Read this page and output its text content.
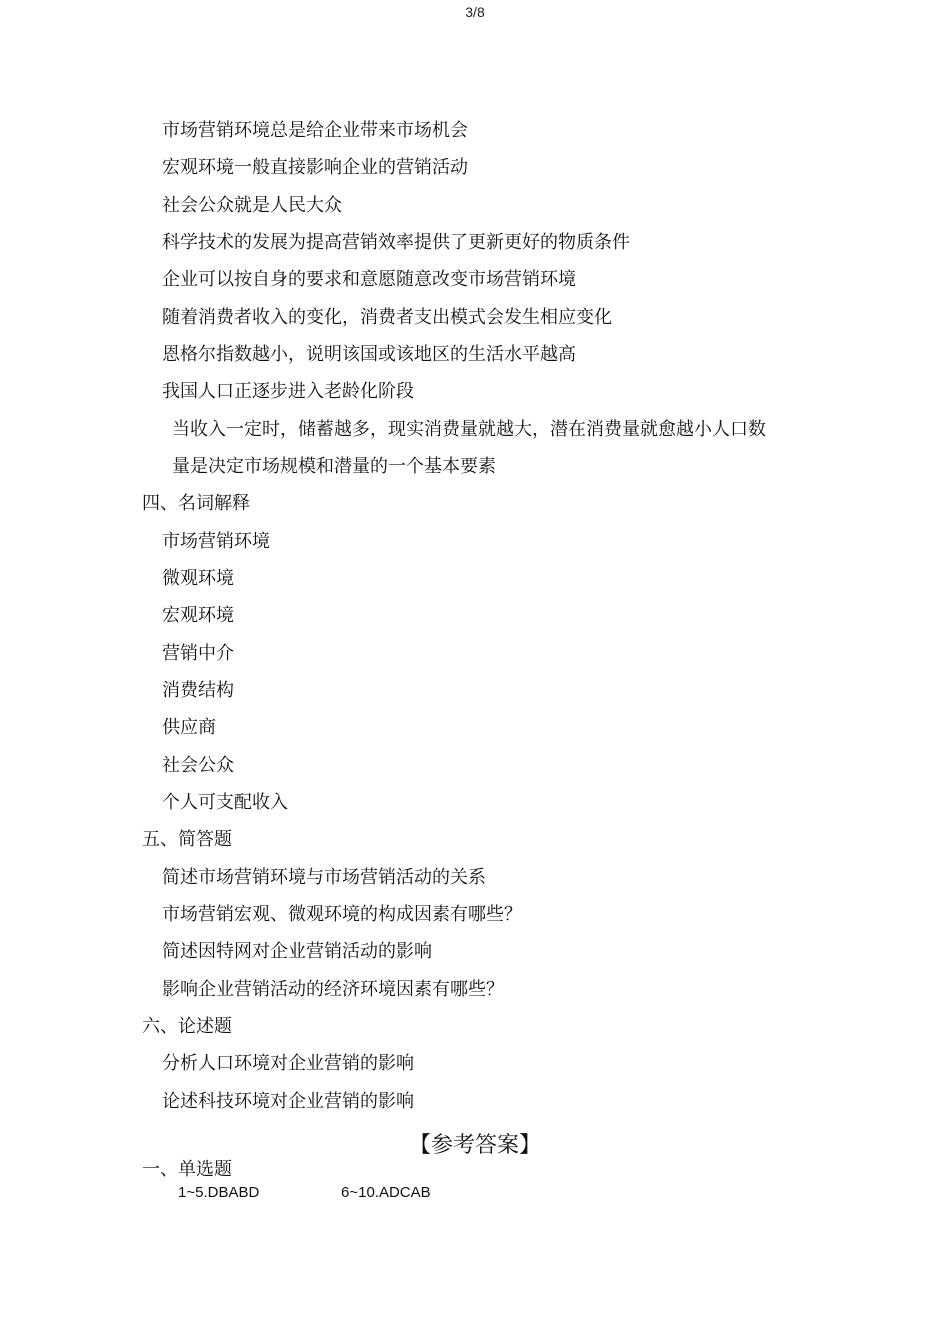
3/8
市场营销环境总是给企业带来市场机会
宏观环境一般直接影响企业的营销活动
社会公众就是人民大众
科学技术的发展为提高营销效率提供了更新更好的物质条件
企业可以按自身的要求和意愿随意改变市场营销环境
随着消费者收入的变化，消费者支出模式会发生相应变化
恩格尔指数越小，说明该国或该地区的生活水平越高
我国人口正逐步进入老龄化阶段
当收入一定时，储蓄越多，现实消费量就越大，潜在消费量就愈越小人口数
量是决定市场规模和潜量的一个基本要素
四、名词解释
市场营销环境
微观环境
宏观环境
营销中介
消费结构
供应商
社会公众
个人可支配收入
五、简答题
简述市场营销环境与市场营销活动的关系
市场营销宏观、微观环境的构成因素有哪些？
简述因特网对企业营销活动的影响
影响企业营销活动的经济环境因素有哪些？
六、论述题
分析人口环境对企业营销的影响
论述科技环境对企业营销的影响
【参考答案】
一、单选题
1~5.DBABD	6~10.ADCAB
